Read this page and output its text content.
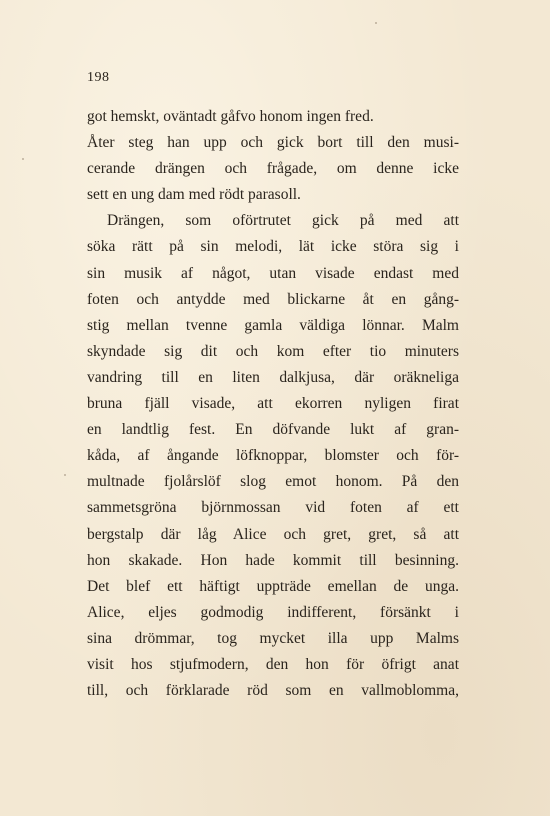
198
got hemskt, oväntadt gåfvo honom ingen fred.
Åter steg han upp och gick bort till den musi-
cerande drängen och frågade, om denne icke
sett en ung dam med rödt parasoll.
Drängen, som oförtrutet gick på med att
söka rätt på sin melodi, lät icke störa sig i
sin musik af något, utan visade endast med
foten och antydde med blickarne åt en gång-
stig mellan tvenne gamla väldiga lönnar. Malm
skyndade sig dit och kom efter tio minuters
vandring till en liten dalkjusa, där oräkneliga
bruna fjäll visade, att ekorren nyligen firat
en landtlig fest. En döfvande lukt af gran-
kåda, af ångande löfknoppar, blomster och för-
multnade fjolårslöf slog emot honom. På den
sammetsgröna björnmossan vid foten af ett
bergstalp där låg Alice och gret, gret, så att
hon skakade. Hon hade kommit till besinning.
Det blef ett häftigt uppträde emellan de unga.
Alice, eljes godmodig indifferent, försänkt i
sina drömmar, tog mycket illa upp Malms
visit hos stjufmodern, den hon för öfrigt anat
till, och förklarade röd som en vallmoblomma,
